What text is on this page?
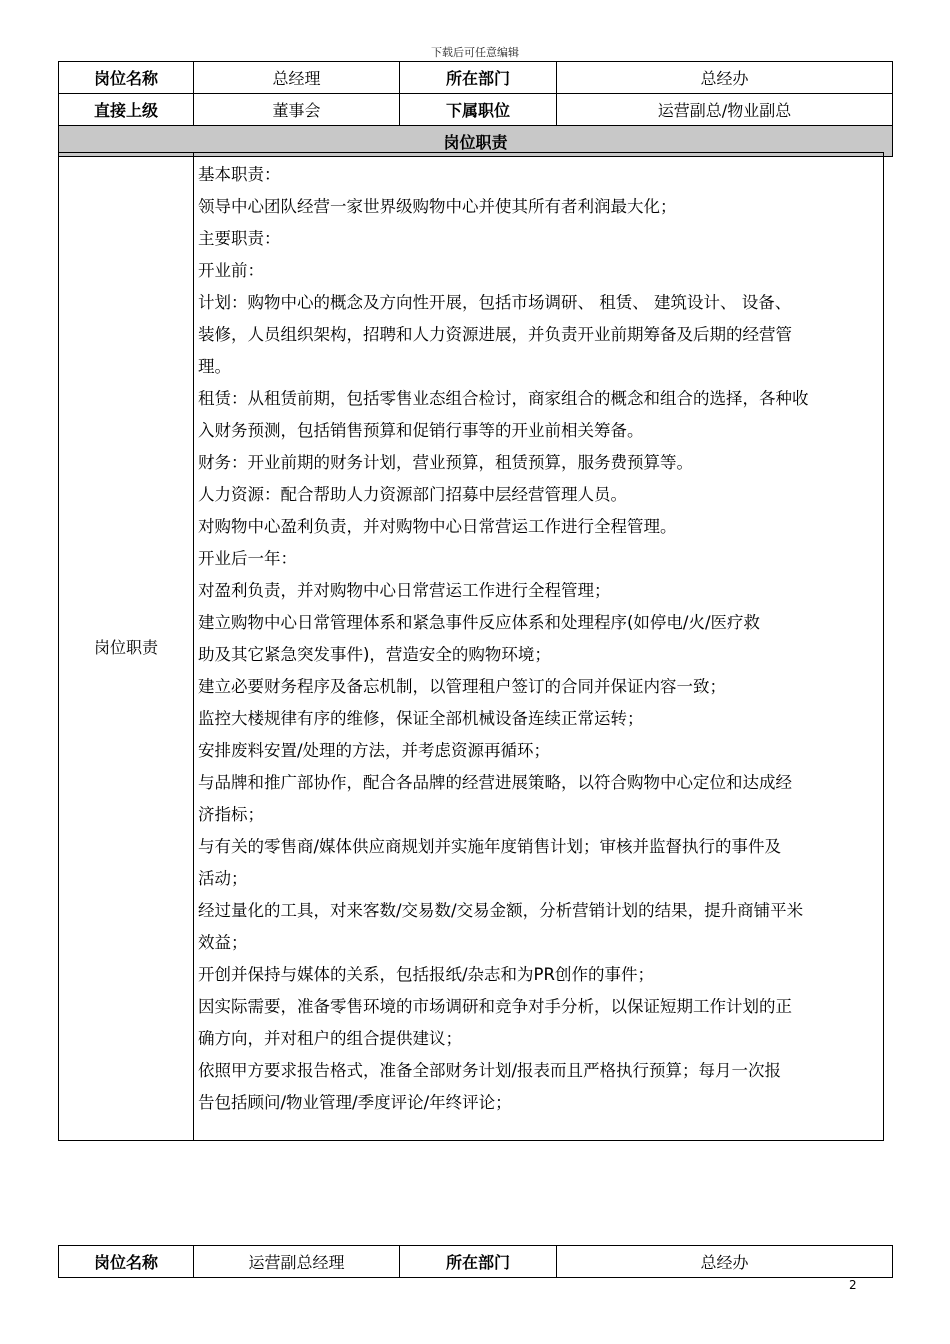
下载后可任意编辑
岗位名称	总经理	所在部门	总经办
直接上级	董事会	下属职位	运营副总/物业副总
岗位职责			
岗位职责
基本职责：
领导中心团队经营一家世界级购物中心并使其所有者利润最大化；
主要职责：
开业前：
计划：购物中心的概念及方向性开展，包括市场调研、 租赁、 建筑设计、 设备、
装修，人员组织架构，招聘和人力资源进展，并负责开业前期筹备及后期的经营管
理。
租赁：从租赁前期，包括零售业态组合检讨，商家组合的概念和组合的选择，各种收
入财务预测，包括销售预算和促销行事等的开业前相关筹备。
财务：开业前期的财务计划，营业预算，租赁预算，服务费预算等。
人力资源：配合帮助人力资源部门招募中层经营管理人员。
对购物中心盈利负责，并对购物中心日常营运工作进行全程管理。
开业后一年：
对盈利负责，并对购物中心日常营运工作进行全程管理；
建立购物中心日常管理体系和紧急事件反应体系和处理程序(如停电/火/医疗救
助及其它紧急突发事件)，营造安全的购物环境；
建立必要财务程序及备忘机制，以管理租户签订的合同并保证内容一致；
监控大楼规律有序的维修，保证全部机械设备连续正常运转；
安排废料安置/处理的方法，并考虑资源再循环；
与品牌和推广部协作，配合各品牌的经营进展策略，以符合购物中心定位和达成经
济指标；
与有关的零售商/媒体供应商规划并实施年度销售计划；审核并监督执行的事件及
活动；
经过量化的工具，对来客数/交易数/交易金额，分析营销计划的结果，提升商铺平米
效益；
开创并保持与媒体的关系，包括报纸/杂志和为PR创作的事件；
因实际需要，准备零售环境的市场调研和竞争对手分析，以保证短期工作计划的正
确方向，并对租户的组合提供建议；
依照甲方要求报告格式，准备全部财务计划/报表而且严格执行预算；每月一次报
告包括顾问/物业管理/季度评论/年终评论；
岗位名称	运营副总经理	所在部门	总经办
2
